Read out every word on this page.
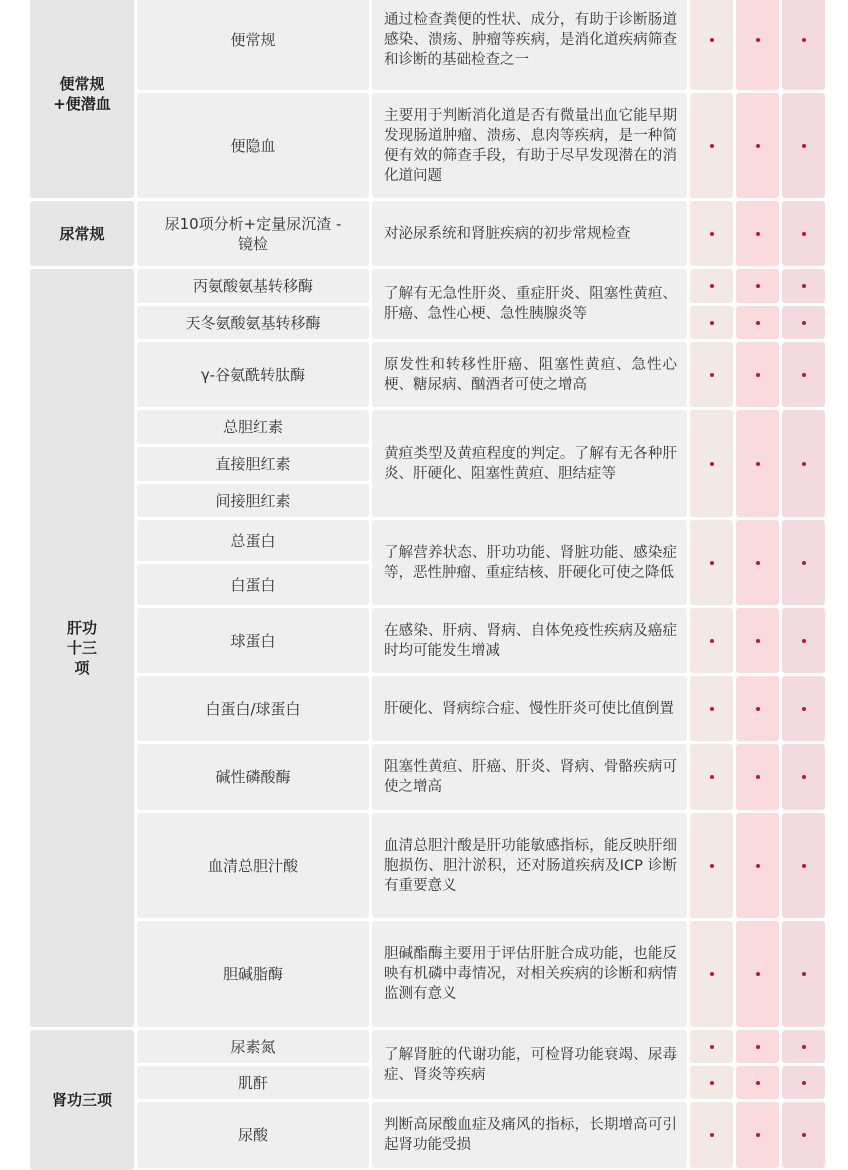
便常规+便潜血
便常规
通过检查粪便的性状、成分，有助于诊断肠道感染、溃疡、肿瘤等疾病，是消化道疾病筛查和诊断的基础检查之一
便隐血
主要用于判断消化道是否有微量出血它能早期发现肠道肿瘤、溃疡、息肉等疾病，是一种简便有效的筛查手段，有助于尽早发现潜在的消化道问题
尿常规
尿10项分析+定量尿沉渣 - 镜检
对泌尿系统和肾脏疾病的初步常规检查
肝功十三项
丙氨酸氨基转移酶
天冬氨酸氨基转移酶
了解有无急性肝炎、重症肝炎、阻塞性黄疸、肝癌、急性心梗、急性胰腺炎等
γ-谷氨酰转肽酶
原发性和转移性肝癌、阻塞性黄疸、急性心梗、糖尿病、酗酒者可使之增高
总胆红素
直接胆红素
间接胆红素
黄疸类型及黄疸程度的判定。了解有无各种肝炎、肝硬化、阻塞性黄疸、胆结症等
总蛋白
白蛋白
了解营养状态、肝功功能、肾脏功能、感染症等，恶性肿瘤、重症结核、肝硬化可使之降低
球蛋白
在感染、肝病、肾病、自体免疫性疾病及癌症时均可能发生增减
白蛋白/球蛋白	肝硬化、肾病综合症、慢性肝炎可使比值倒置
碱性磷酸酶
阻塞性黄疸、肝癌、肝炎、肾病、骨骼疾病可使之增高
血清总胆汁酸
血清总胆汁酸是肝功能敏感指标，能反映肝细胞损伤、胆汁淤积，还对肠道疾病及ICP 诊断有重要意义
胆碱脂酶
胆碱酯酶主要用于评估肝脏合成功能，也能反映有机磷中毒情况，对相关疾病的诊断和病情监测有意义
肾功三项
尿素氮
肌酐
了解肾脏的代谢功能，可检肾功能衰竭、尿毒症、肾炎等疾病
尿酸
判断高尿酸血症及痛风的指标，长期增高可引起肾功能受损
